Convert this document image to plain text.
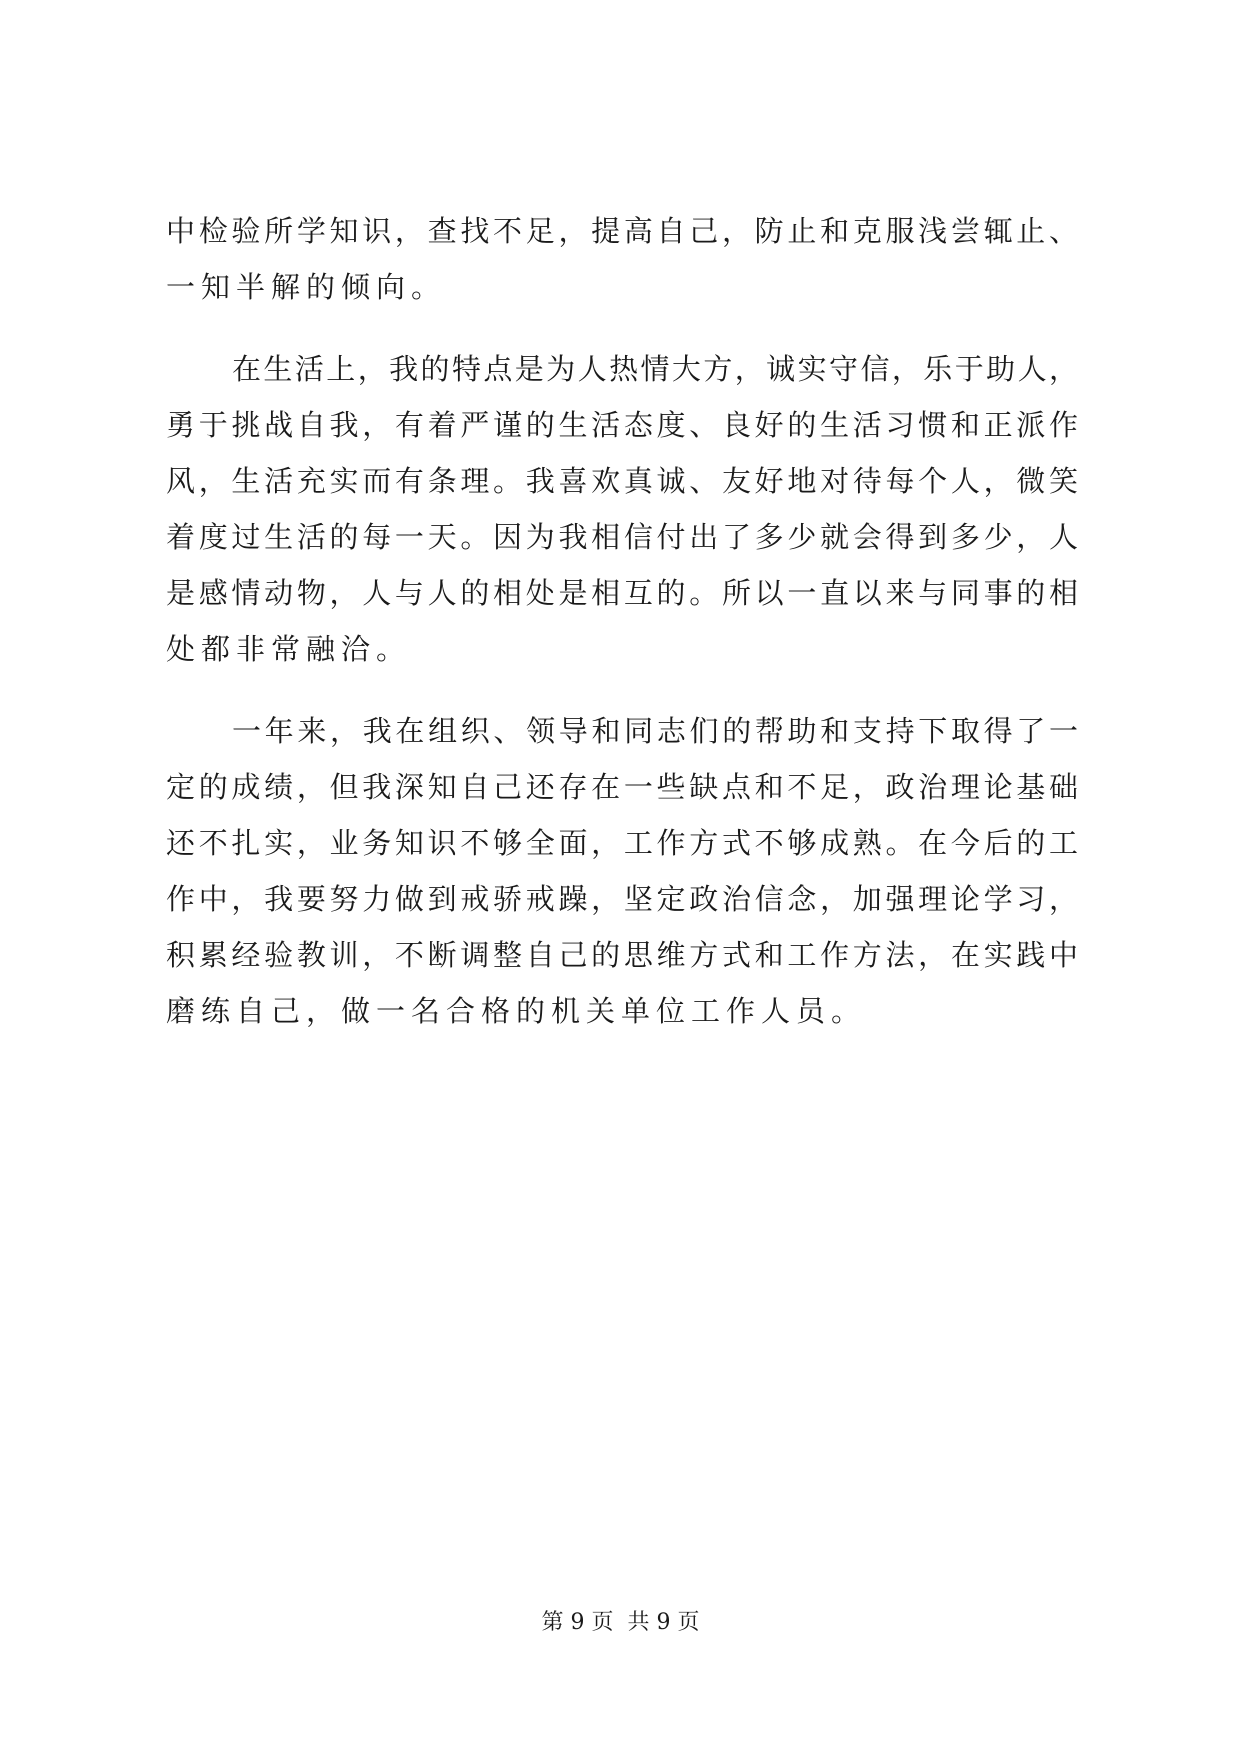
中检验所学知识，查找不足，提高自己，防止和克服浅尝辄止、
一知半解的倾向。
在生活上，我的特点是为人热情大方，诚实守信，乐于助人，
勇于挑战自我，有着严谨的生活态度、良好的生活习惯和正派作
风，生活充实而有条理。我喜欢真诚、友好地对待每个人，微笑
着度过生活的每一天。因为我相信付出了多少就会得到多少，人
是感情动物，人与人的相处是相互的。所以一直以来与同事的相
处都非常融洽。
一年来，我在组织、领导和同志们的帮助和支持下取得了一
定的成绩，但我深知自己还存在一些缺点和不足，政治理论基础
还不扎实，业务知识不够全面，工作方式不够成熟。在今后的工
作中，我要努力做到戒骄戒躁，坚定政治信念，加强理论学习，
积累经验教训，不断调整自己的思维方式和工作方法，在实践中
磨练自己，做一名合格的机关单位工作人员。
第 9 页  共 9 页
